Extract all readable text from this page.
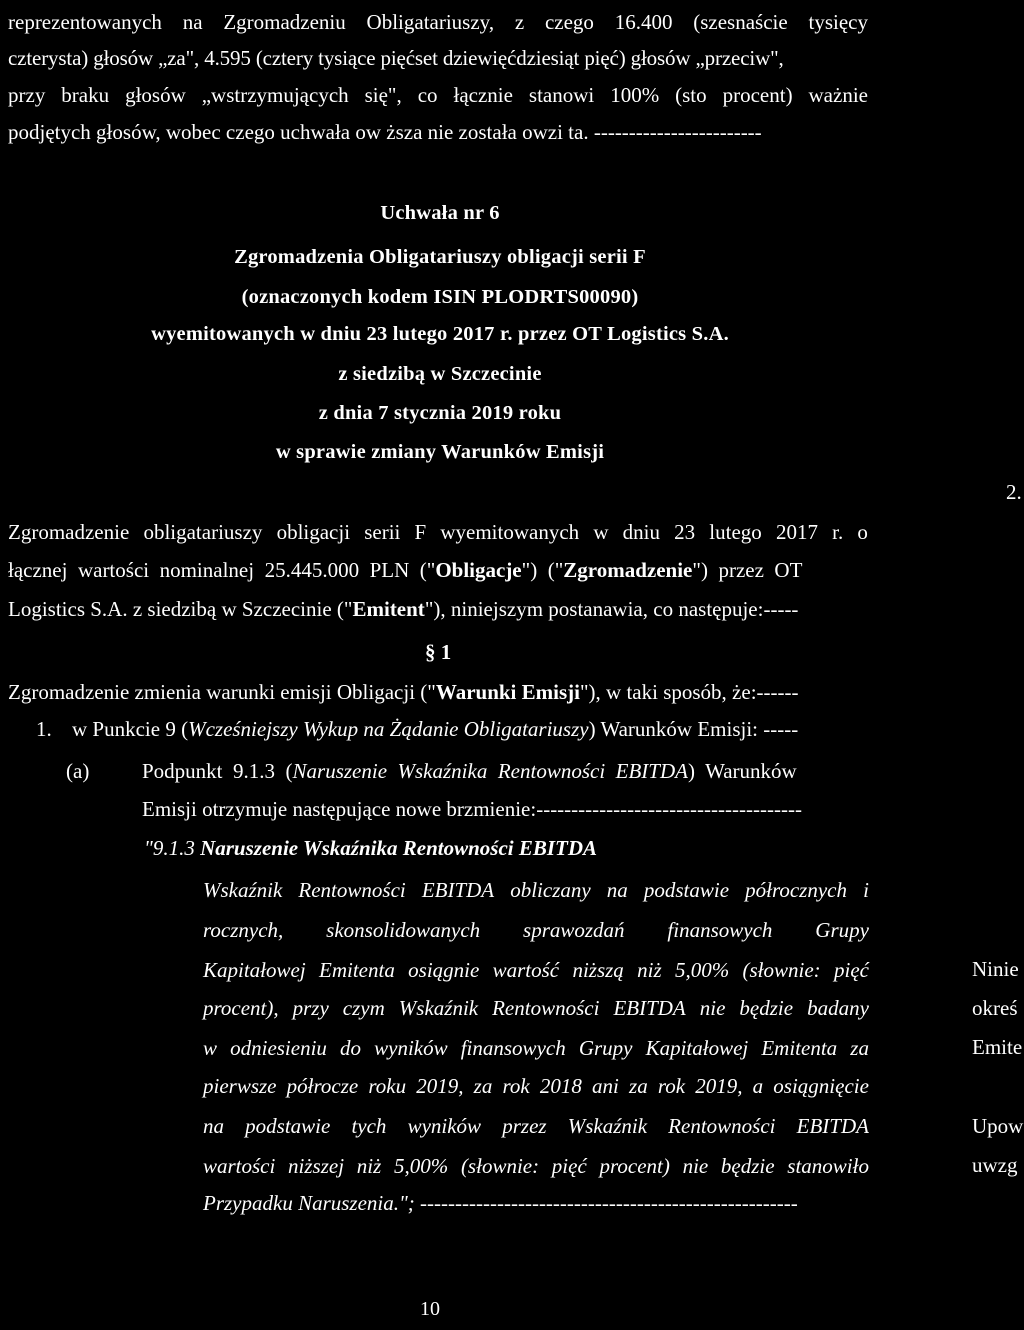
reprezentowanych na Zgromadzeniu Obligatariuszy, z czego 16.400 (szesnaście tysięcy
czterysta) głosów „za", 4.595 (cztery tysiące pięćset dziewięćdziesiąt pięć) głosów „przeciw",
przy braku głosów „wstrzymujących się", co łącznie stanowi 100% (sto procent) ważnie
podjętych głosów, wobec czego uchwała ow ższa nie została owzi ta. ------------------------
Uchwała nr 6
Zgromadzenia Obligatariuszy obligacji serii F
(oznaczonych kodem ISIN PLODRTS00090)
wyemitowanych w dniu 23 lutego 2017 r. przez OT Logistics S.A.
z siedzibą w Szczecinie
z dnia 7 stycznia 2019 roku
w sprawie zmiany Warunków Emisji
Zgromadzenie obligatariuszy obligacji serii F wyemitowanych w dniu 23 lutego 2017 r. o
łącznej  wartości  nominalnej  25.445.000  PLN  ("Obligacje")  ("Zgromadzenie")  przez  OT
Logistics S.A. z siedzibą w Szczecinie ("Emitent"), niniejszym postanawia, co następuje:-----
§ 1
Zgromadzenie zmienia warunki emisji Obligacji ("Warunki Emisji"), w taki sposób, że:------
1. w Punkcie 9 (Wcześniejszy Wykup na Żądanie Obligatariuszy) Warunków Emisji: -----
(a)	Podpunkt  9.1.3  (Naruszenie  Wskaźnika  Rentowności  EBITDA)  Warunków
Emisji otrzymuje następujące nowe brzmienie:--------------------------------------
"9.1.3 Naruszenie Wskaźnika Rentowności EBITDA
Wskaźnik Rentowności EBITDA obliczany na podstawie półrocznych i
rocznych, skonsolidowanych sprawozdań finansowych Grupy
Kapitałowej Emitenta osiągnie wartość niższą niż 5,00% (słownie: pięć
procent), przy czym Wskaźnik Rentowności EBITDA nie będzie badany
w odniesieniu do wyników finansowych Grupy Kapitałowej Emitenta za
pierwsze półrocze roku 2019, za rok 2018 ani za rok 2019, a osiągnięcie
na podstawie tych wyników przez Wskaźnik Rentowności EBITDA
wartości niższej niż 5,00% (słownie: pięć procent) nie będzie stanowiło
Przypadku Naruszenia."; ------------------------------------------------------
2.
Ninie
okreś
Emite
Upow
uwzg
10
